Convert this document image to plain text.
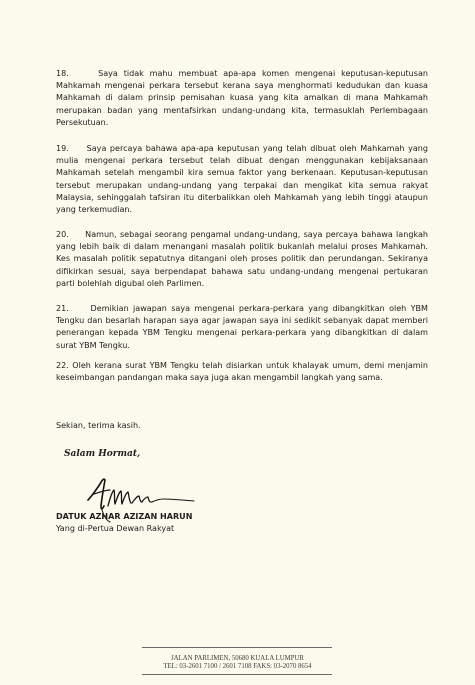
18.	Saya tidak mahu membuat apa-apa komen mengenai keputusan-keputusan Mahkamah mengenai perkara tersebut kerana saya menghormati kedudukan dan kuasa Mahkamah di dalam prinsip pemisahan kuasa yang kita amalkan di mana Mahkamah merupakan badan yang mentafsirkan undang-undang kita, termasuklah Perlembagaan Persekutuan.
19. Saya percaya bahawa apa-apa keputusan yang telah dibuat oleh Mahkamah yang mulia mengenai perkara tersebut telah dibuat dengan menggunakan kebijaksanaan Mahkamah setelah mengambil kira semua faktor yang berkenaan. Keputusan-keputusan tersebut merupakan undang-undang yang terpakai dan mengikat kita semua rakyat Malaysia, sehinggalah tafsiran itu diterbalikkan oleh Mahkamah yang lebih tinggi ataupun yang terkemudian.
20. Namun, sebagai seorang pengamal undang-undang, saya percaya bahawa langkah yang lebih baik di dalam menangani masalah politik bukanlah melalui proses Mahkamah. Kes masalah politik sepatutnya ditangani oleh proses politik dan perundangan. Sekiranya difikirkan sesuai, saya berpendapat bahawa satu undang-undang mengenai pertukaran parti bolehlah digubal oleh Parlimen.
21.	Demikian jawapan saya mengenai perkara-perkara yang dibangkitkan oleh YBM Tengku dan besarlah harapan saya agar jawapan saya ini sedikit sebanyak dapat memberi penerangan kepada YBM Tengku mengenai perkara-perkara yang dibangkitkan di dalam surat YBM Tengku.
22. Oleh kerana surat YBM Tengku telah disiarkan untuk khalayak umum, demi menjamin keseimbangan pandangan maka saya juga akan mengambil langkah yang sama.
Sekian, terima kasih.
Salam Hormat,
DATUK AZHAR AZIZAN HARUN
Yang di-Pertua Dewan Rakyat
JALAN PARLIMEN, 50680 KUALA LUMPUR
TEL: 03-2601 7100 / 2601 7108 FAKS: 03-2070 8654
